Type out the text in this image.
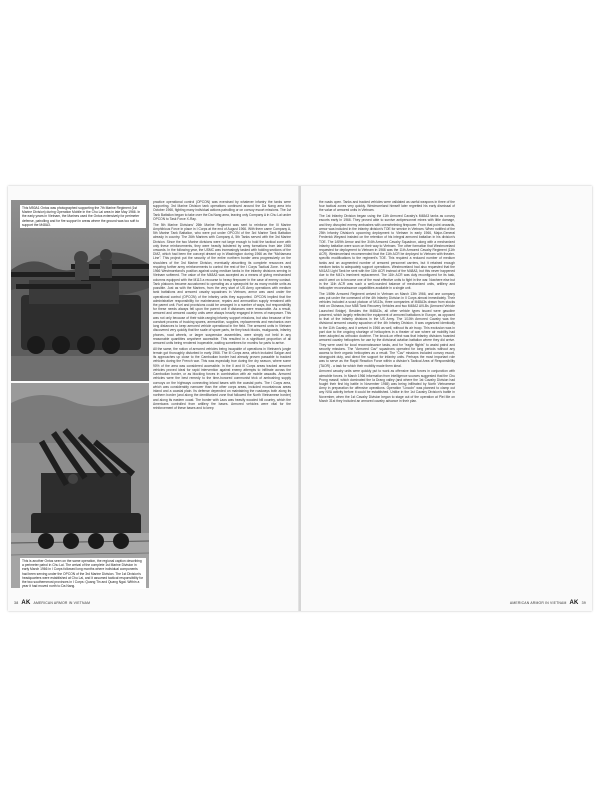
This M50A1 Ontos was photographed supporting the 7th Marine Regiment (1st Marine Division) during Operation Mobile in the Chu Lai area in late May 1966. In the early years in Vietnam, the Marines used the Ontos extensively for perimeter defense, patrolling and for fire support in areas where the ground was too soft to support the M48A3.
This is another Ontos seen on the same operation, the regional caption describing a perimeter patrol in Chu Lai. The arrival of the complete 1st Marine Division in early March 1966 in I Corps followed long months where individual components had been serving under the OPCON of the 3rd Marine Division. The 1st Division's headquarters were established at Chu Lai, and it assumed tactical responsibility for the two southernmost provinces in I Corps: Quang Tin and Quang Ngai. Within a year it had moved north to Da Nang.

practice operational control (OPCON) was exercised by whatever infantry the tanks were supporting. 3rd Marine Division tank operations continued around the Da Nang area into October 1966, fighting many individual actions patrolling or on convoy escort missions. The 1st Tank Battalion began to take over the Da Nang area, leaving only Company A in Chu Lai under OPCON to Task Force X-Ray.

The 5th Marine Divisions' 26th Marine Regiment was sent to reinforce the III Marine Amphibious Force in place in I Corps at the end of August 1966. With them came Company A, 5th Marine Tank Battalion, who were put under OPCON of the 3rd Marine Tank Battalion already in country. The 26th Marines with Company A, 5th Tanks served with the 3rd Marine Division. Since the two Marine divisions were not large enough to hold the tactical zone with only these reinforcements, they were heavily bolstered by army formations from late 1966 onwards. In the following year, the USMC was increasingly tasked with holding sections of the DMZ, which had been the concept dreamt up in Washington during 1966 as the "McNamara Line". This project put the security of the entire northern border area progressively on the shoulders of the 3rd Marine Division, eventually absorbing its complete resources and requiring further army reinforcements to control the rest of the I Corps Tactical Zone. In early 1966 Westmoreland's position against using medium tanks in the infantry divisions serving in Vietnam softened. The value of the M48A3 was accepted as a means of giving mechanized columns equipped with the M113 a recourse to heavy firepower in the case of enemy contact. Tank platoons became accustomed to operating as a spearpoint for as many mobile units as possible. Just as with the Marines, from the very start of US Army operations with medium tank battalions and armored cavalry squadrons in Vietnam, armor was used under the operational control (OPCON) of the infantry units they supported. OPCON implied that the administrative responsibility for maintenance, repairs and ammunition supply remained with the parent unit. Fuel and provisions could be arranged in a number of ways, but responsibility for these needs always fell upon the parent unit if distances were reasonable. As a result, armored and armored cavalry units were always heavily engaged in terms of manpower. This was not only because of their wide-ranging infantry support missions, but also because of the constant process of trucking spares, ammunition, supplies, replacements and mechanics over long distances to keep armored vehicle operational in the field. The armored units in Vietnam discovered very quickly that the scale of spare parts, be they track blocks, mudguards, infantry phones, road wheels, or larger suspension assemblies, were simply not held in any reasonable quantities anywhere accessible. This resulted in a significant proportion of all armored units being rendered inoperable, waiting sometimes for months for parts to arrive.

All the same, the notion of armored vehicles being incapable of operations in Vietnam's jungle terrain got thoroughly disturbed in early 1966. The III Corps area, which included Saigon and its approaches up close to the Cambodian border had already proven passable to tracked vehicles during the French war. This was especially true during the dry season, where some 90% of the area was considered accessible. In the II and III Corps areas tracked armored vehicles proved ideal for rapid intervention against enemy attempts to infiltrate across the Cambodian border, or as blocking forces in combination with air mobile assaults. Armored vehicles were the best remedy to the time-honored communist trick of ambushing supply convoys on the highways connecting inland bases with the coastal ports. The I Corps area, which was considerably narrower than the other corps areas, included mountainous areas inland and a coastal plain. Its defense depended on maintaining the roadways both along its northern border (and along the demilitarized zone that followed the North Vietnamese border) and along its eastern coast. The border with Laos was heavily wooded hill country, which the Americans controlled from artillery fire bases. Armored vehicles were vital for the reinforcement of these bases and to keep

38 AK AMERICAN ARMOR IN VIETNAM

the roads open. Tanks and tracked vehicles were validated as useful weapons in three of the four tactical zones very quickly. Westmoreland himself later regretted his early dismissal of the value of armored units in Vietnam.

The 1st Infantry Division began using the 11th Armored Cavalry's M48A3 tanks as convoy escorts early in 1966. They proved able to survive antipersonnel mines with little damage, and they disrupted enemy ambushes with overwhelming firepower. From that point onwards, armor was included in the infantry division's TOE for service in Vietnam. When notified of the 25th Infantry Division's upcoming deployment to Vietnam in early 1966, Major-General Frederick Weyand insisted on the retention of his integral armored battalion in his division's TOE. The 1/69th Armor and the 3/4th Armored Cavalry Squadron, along with a mechanized infantry battalion were soon on their way to Vietnam. The other formation that Westmoreland requested for deployment to Vietnam in 1966 was the 11th Armored Cavalry Regiment (11th ACR). Westmoreland recommended that the 11th ACR be deployed to Vietnam with theater-specific modifications to the regiment's TOE. This required a reduced number of medium tanks and an augmented number of armored personnel carriers, but it retained enough medium tanks to adequately support operations. Westmoreland had also requested that the M41A3 Light Tank be sent with the 11th ACR instead of the M48A3, but this never happened due to the M41's imminent replacement. The 11th ACR was duly reconfigured for its task, and it went on to become one of the most effective units to fight in the war. Nowhere else but in the 11th ACR was such a well-rounded balance of mechanized units, artillery and helicopter reconnaissance capabilities available in a single unit.

The 1/69th Armored Regiment arrived in Vietnam on March 13th 1966, and one company was put under the command of the 4th Infantry Division in II Corps almost immediately. Their vehicles included a scout platoon of M113s, three companies of M48A3s drawn from stocks held on Okinawa, four M88 Tank Recovery Vehicles and two M48A2 AVLBs (Armored Vehicle Launched Bridge). Besides the M48A3s, all other vehicle types issued were gasoline powered, which largely reflected the equipment of armored battalions in Europe, as opposed to that of the infantry divisions in the US Army. The 1/10th Armored Cavalry was the divisional armored cavalry squadron of the 4th Infantry Division. It was organized identically to the 11th Cavalry, and it arrived in 1966 as well, without its air troop. This exclusion was in part due to the ongoing shortage of helicopters in a theater of war where air mobility had been adopted as orthodox doctrine. The knock-on effect was that infantry divisions hoarded armored cavalry helicopters for use by the divisional aviation battalion where they did arrive. They were used for local reconnaissance tasks, and for "eagle flights" to assist patrol and security missions. The "Armored Cav" squadrons operated for long periods without any access to their organic helicopters as a result. The "Cav" missions included convoy escort, strongpoint duty, and direct fire support for infantry units. Perhaps the most important role was to serve as the Rapid Reaction Force within a division's Tactical Area of Responsibility (TAOR) - a task for which their mobility made them ideal.

Armored cavalry units were quickly put to work as offensive task forces in conjunction with airmobile forces. In March 1966 information from intelligence sources suggested that the Chu Prong massif, which dominated the Ia Drang valley (and where the 1st Cavalry Division had fought their first big battle in November 1965) was being infiltrated by North Vietnamese Army in preparation for offensive operations. Operation "Lincoln" was planned to clamp out any NVA activity before it could be established. Unlike in the 1st Cavalry Division's battle in November, when the 1st Cavalry Division began to stage out of the operation at Plei Me on March 31st they included an armored cavalry advance in their plan.

AMERICAN ARMOR IN VIETNAM AK 39
